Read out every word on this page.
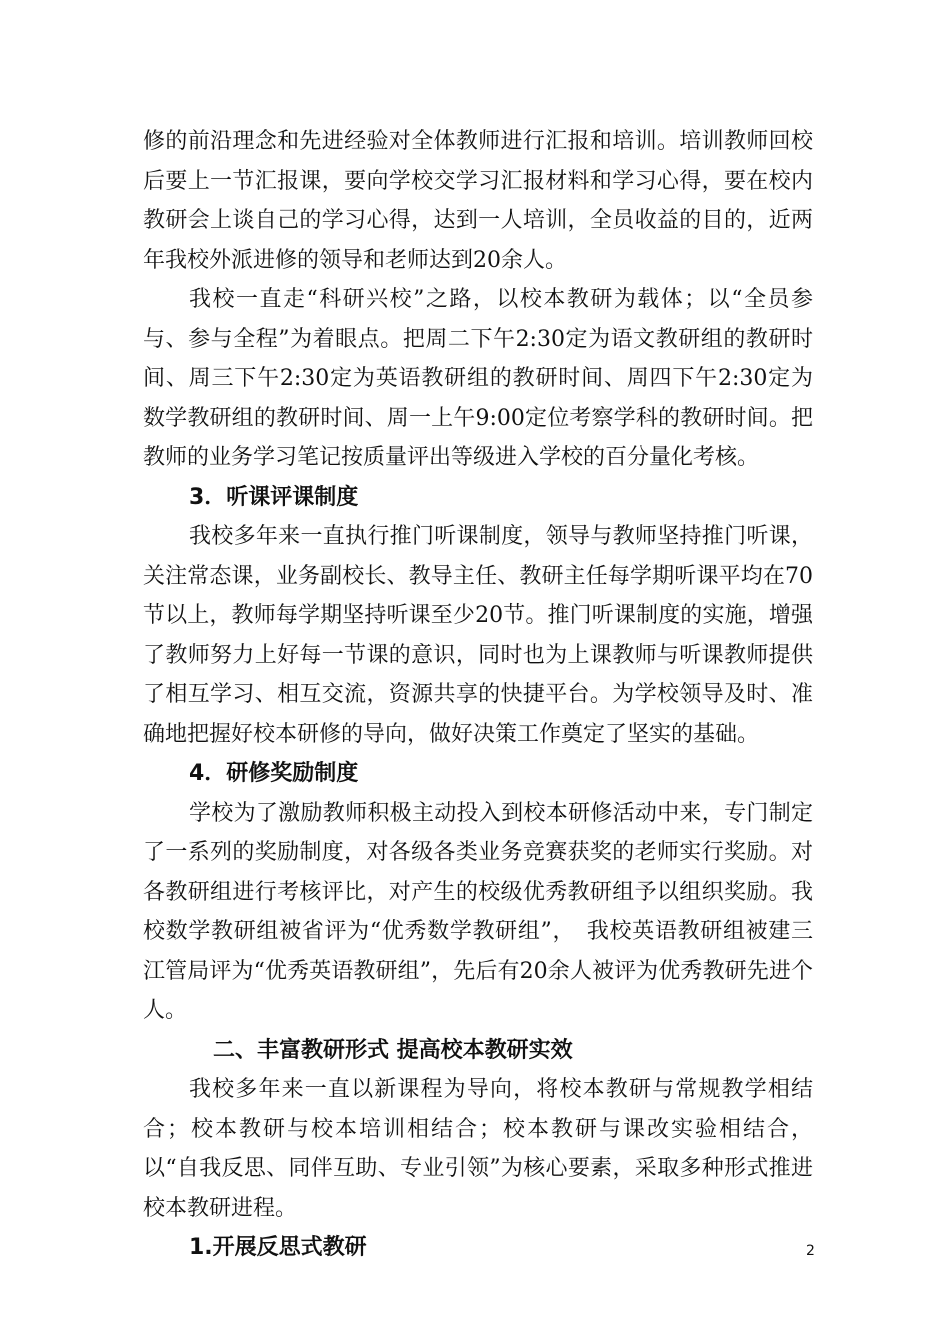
修的前沿理念和先进经验对全体教师进行汇报和培训。培训教师回校后要上一节汇报课，要向学校交学习汇报材料和学习心得，要在校内教研会上谈自己的学习心得，达到一人培训，全员收益的目的，近两年我校外派进修的领导和老师达到20余人。

我校一直走“科研兴校”之路，以校本教研为载体；以“全员参与、参与全程”为着眼点。把周二下午2:30定为语文教研组的教研时间、周三下午2:30定为英语教研组的教研时间、周四下午2:30定为数学教研组的教研时间、周一上午9:00定位考察学科的教研时间。把教师的业务学习笔记按质量评出等级进入学校的百分量化考核。

3．听课评课制度

我校多年来一直执行推门听课制度，领导与教师坚持推门听课，关注常态课，业务副校长、教导主任、教研主任每学期听课平均在70节以上，教师每学期坚持听课至少20节。推门听课制度的实施，增强了教师努力上好每一节课的意识，同时也为上课教师与听课教师提供了相互学习、相互交流，资源共享的快捷平台。为学校领导及时、准确地把握好校本研修的导向，做好决策工作奠定了坚实的基础。

4．研修奖励制度

学校为了激励教师积极主动投入到校本研修活动中来，专门制定了一系列的奖励制度，对各级各类业务竞赛获奖的老师实行奖励。对各教研组进行考核评比，对产生的校级优秀教研组予以组织奖励。我校数学教研组被省评为“优秀数学教研组”，　我校英语教研组被建三江管局评为“优秀英语教研组”，先后有20余人被评为优秀教研先进个人。

二、丰富教研形式 提高校本教研实效

我校多年来一直以新课程为导向，将校本教研与常规教学相结合；校本教研与校本培训相结合；校本教研与课改实验相结合，以“自我反思、同伴互助、专业引领”为核心要素，采取多种形式推进校本教研进程。

1.开展反思式教研	2
